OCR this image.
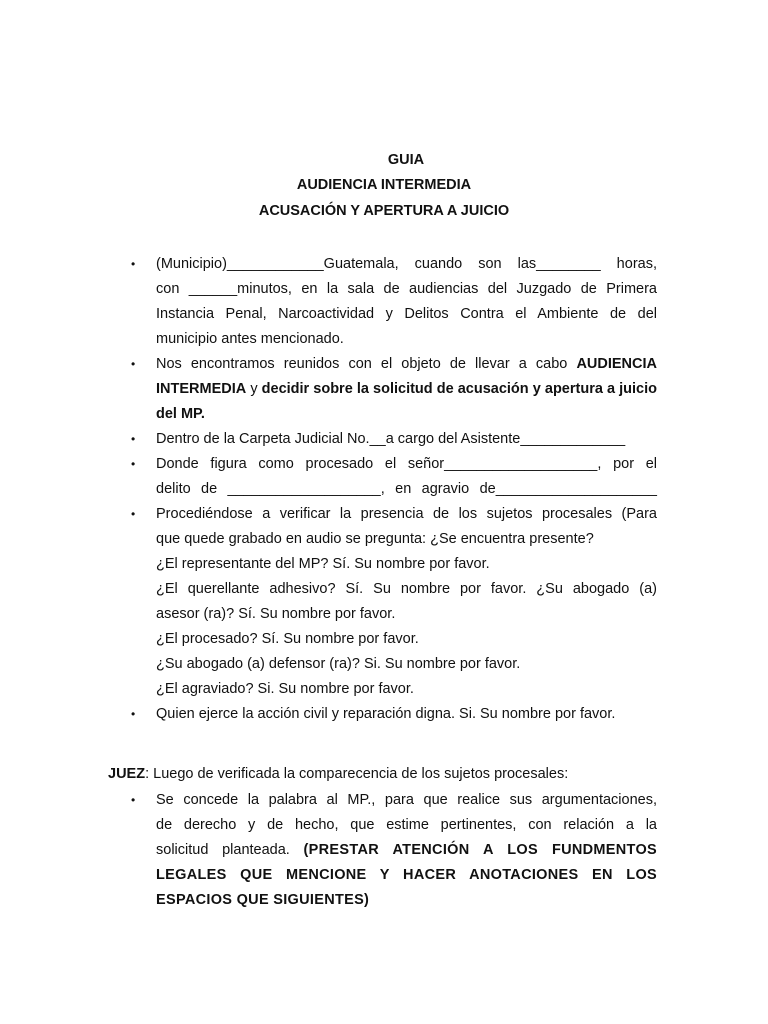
GUIA
AUDIENCIA INTERMEDIA
ACUSACIÓN Y APERTURA A JUICIO
• (Municipio)____________Guatemala, cuando son las________ horas,
con ______minutos, en la sala de audiencias del Juzgado de Primera
Instancia Penal, Narcoactividad y Delitos Contra el Ambiente de del
municipio antes mencionado.
• Nos encontramos reunidos con el objeto de llevar a cabo AUDIENCIA INTERMEDIA y decidir sobre la solicitud de acusación y apertura a juicio del MP.
• Dentro de la Carpeta Judicial No.__a cargo del Asistente_____________
• Donde figura como procesado el señor___________________, por el
delito de ___________________, en agravio de____________________
• Procediéndose a verificar la presencia de los sujetos procesales (Para
que quede grabado en audio se pregunta: ¿Se encuentra presente?
¿El representante del MP? Sí. Su nombre por favor.
¿El querellante adhesivo? Sí. Su nombre por favor. ¿Su abogado (a)
asesor (ra)? Sí. Su nombre por favor.
¿El procesado? Sí. Su nombre por favor.
¿Su abogado (a) defensor (ra)? Si. Su nombre por favor.
¿El agraviado? Si. Su nombre por favor.
• Quien ejerce la acción civil y reparación digna. Si. Su nombre por favor.
JUEZ: Luego de verificada la comparecencia de los sujetos procesales:
• Se concede la palabra al MP., para que realice sus argumentaciones,
de derecho y de hecho, que estime pertinentes, con relación a la
solicitud planteada. (PRESTAR ATENCIÓN A LOS FUNDMENTOS
LEGALES QUE MENCIONE Y HACER ANOTACIONES EN LOS
ESPACIOS QUE SIGUIENTES)
